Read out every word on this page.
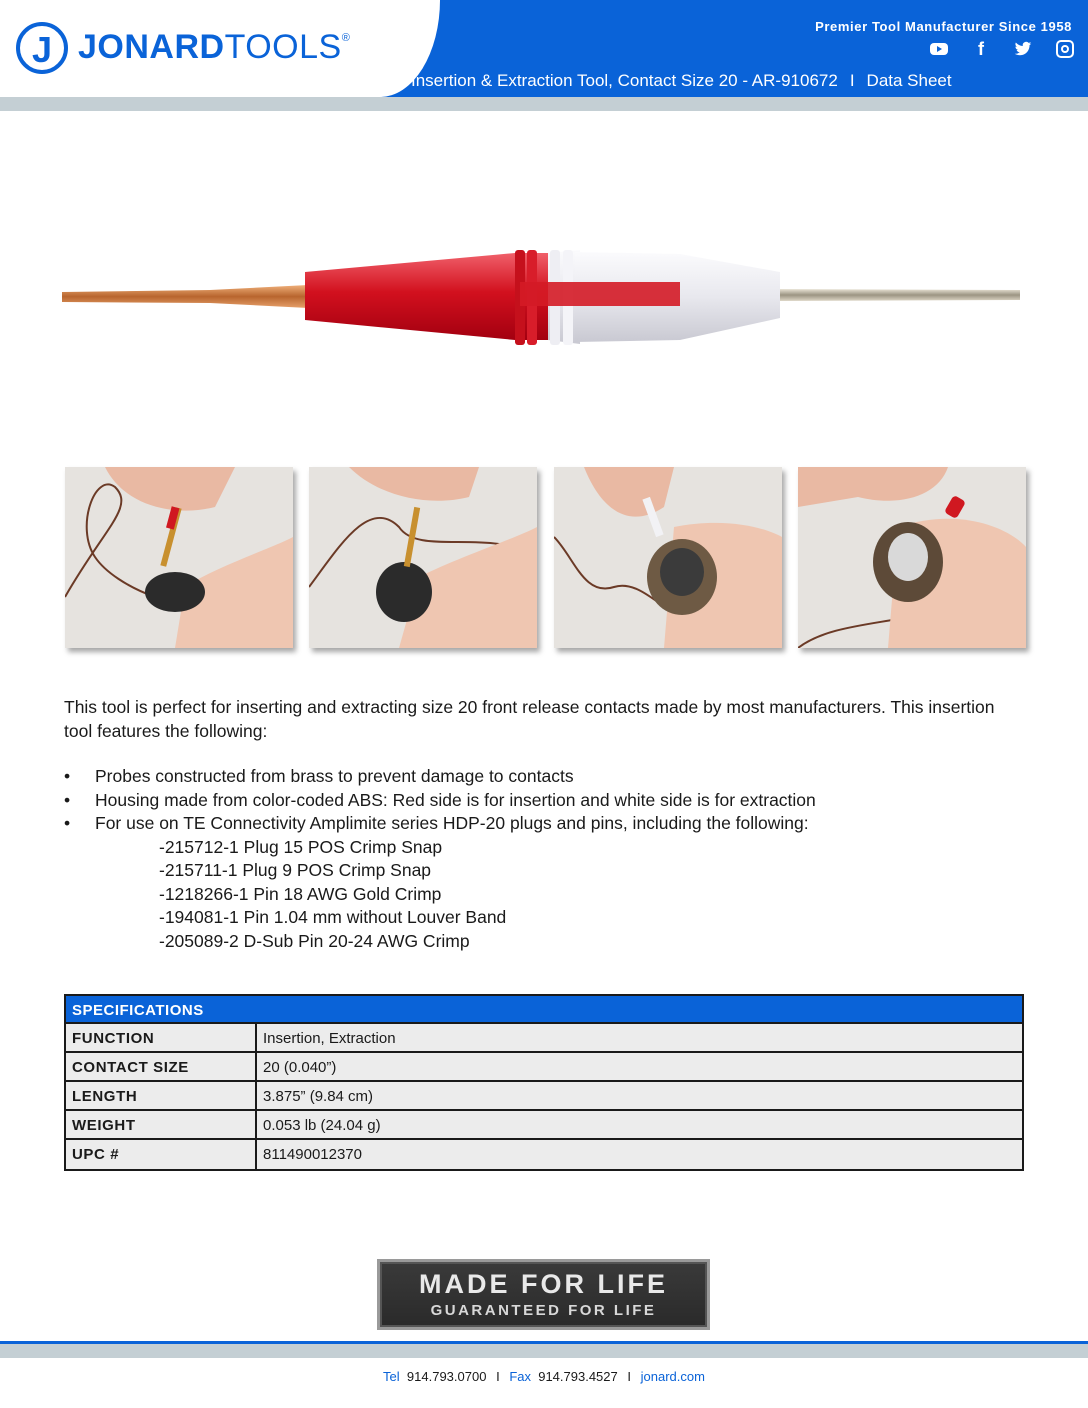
J JONARDTOOLS®
Premier Tool Manufacturer Since 1958
f
Insertion & Extraction Tool, Contact Size 20 - AR-910672 I Data Sheet

This tool is perfect for inserting and extracting size 20 front release contacts made by most manufacturers. This insertion tool features the following:

• Probes constructed from brass to prevent damage to contacts
• Housing made from color-coded ABS: Red side is for insertion and white side is for extraction
• For use on TE Connectivity Amplimite series HDP-20 plugs and pins, including the following:
-215712-1 Plug 15 POS Crimp Snap
-215711-1 Plug 9 POS Crimp Snap
-1218266-1 Pin 18 AWG Gold Crimp
-194081-1 Pin 1.04 mm without Louver Band
-205089-2 D-Sub Pin 20-24 AWG Crimp
SPECIFICATIONS
FUNCTION	Insertion, Extraction
CONTACT SIZE	20 (0.040”)
LENGTH	3.875” (9.84 cm)
WEIGHT	0.053 lb (24.04 g)
UPC #	811490012370
MADE FOR LIFE
GUARANTEED FOR LIFE
Tel 914.793.0700 I Fax 914.793.4527 I jonard.com
